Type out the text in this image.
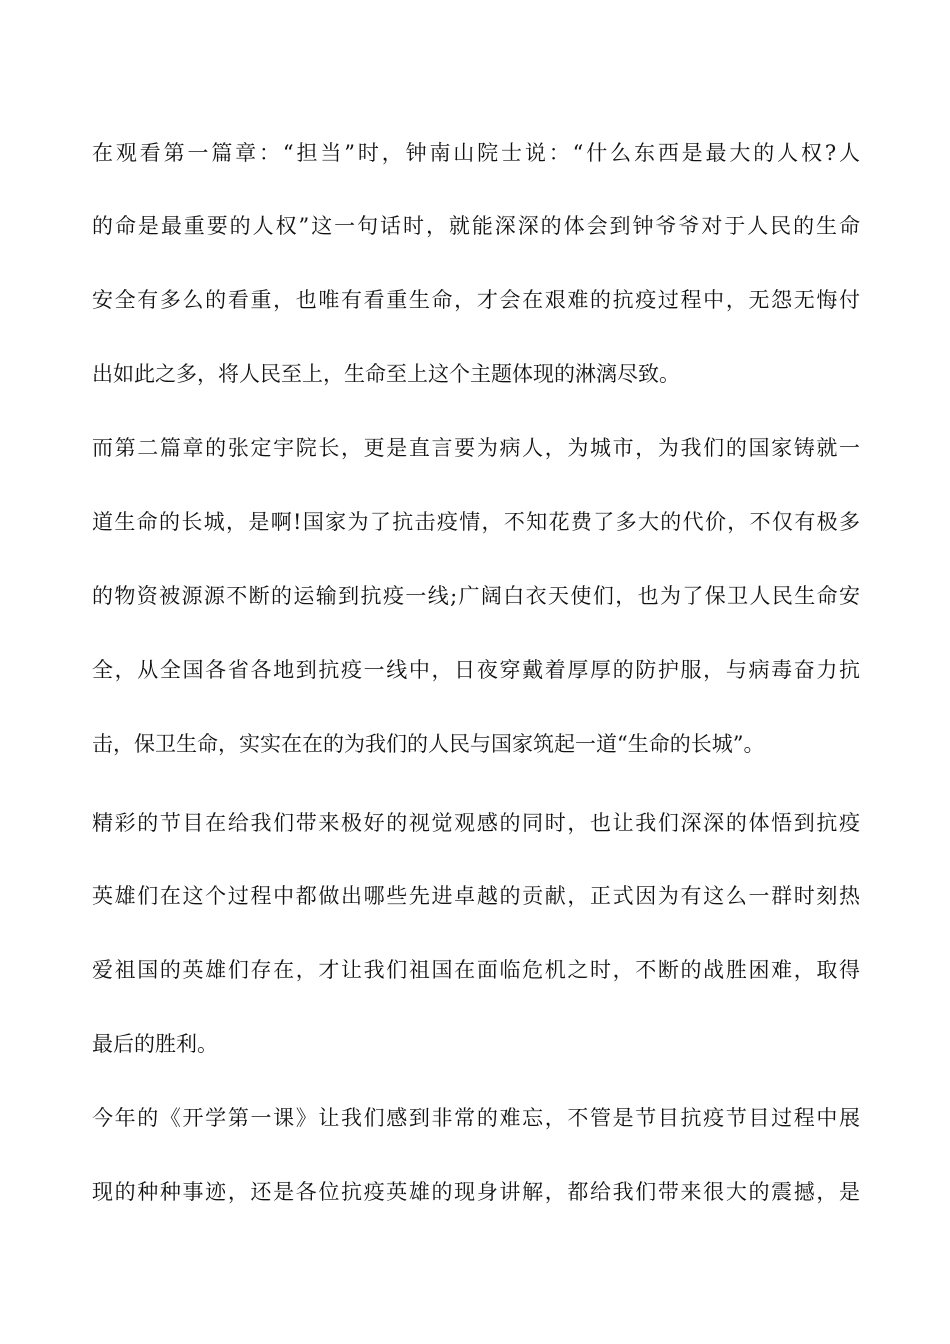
在观看第一篇章：“担当”时，钟南山院士说：“什么东西是最大的人权?人
的命是最重要的人权”这一句话时，就能深深的体会到钟爷爷对于人民的生命
安全有多么的看重，也唯有看重生命，才会在艰难的抗疫过程中，无怨无悔付
出如此之多，将人民至上，生命至上这个主题体现的淋漓尽致。
而第二篇章的张定宇院长，更是直言要为病人，为城市，为我们的国家铸就一
道生命的长城，是啊!国家为了抗击疫情，不知花费了多大的代价，不仅有极多
的物资被源源不断的运输到抗疫一线;广阔白衣天使们，也为了保卫人民生命安
全，从全国各省各地到抗疫一线中，日夜穿戴着厚厚的防护服，与病毒奋力抗
击，保卫生命，实实在在的为我们的人民与国家筑起一道“生命的长城”。
精彩的节目在给我们带来极好的视觉观感的同时，也让我们深深的体悟到抗疫
英雄们在这个过程中都做出哪些先进卓越的贡献，正式因为有这么一群时刻热
爱祖国的英雄们存在，才让我们祖国在面临危机之时，不断的战胜困难，取得
最后的胜利。
今年的《开学第一课》让我们感到非常的难忘，不管是节目抗疫节目过程中展
现的种种事迹，还是各位抗疫英雄的现身讲解，都给我们带来很大的震撼，是
